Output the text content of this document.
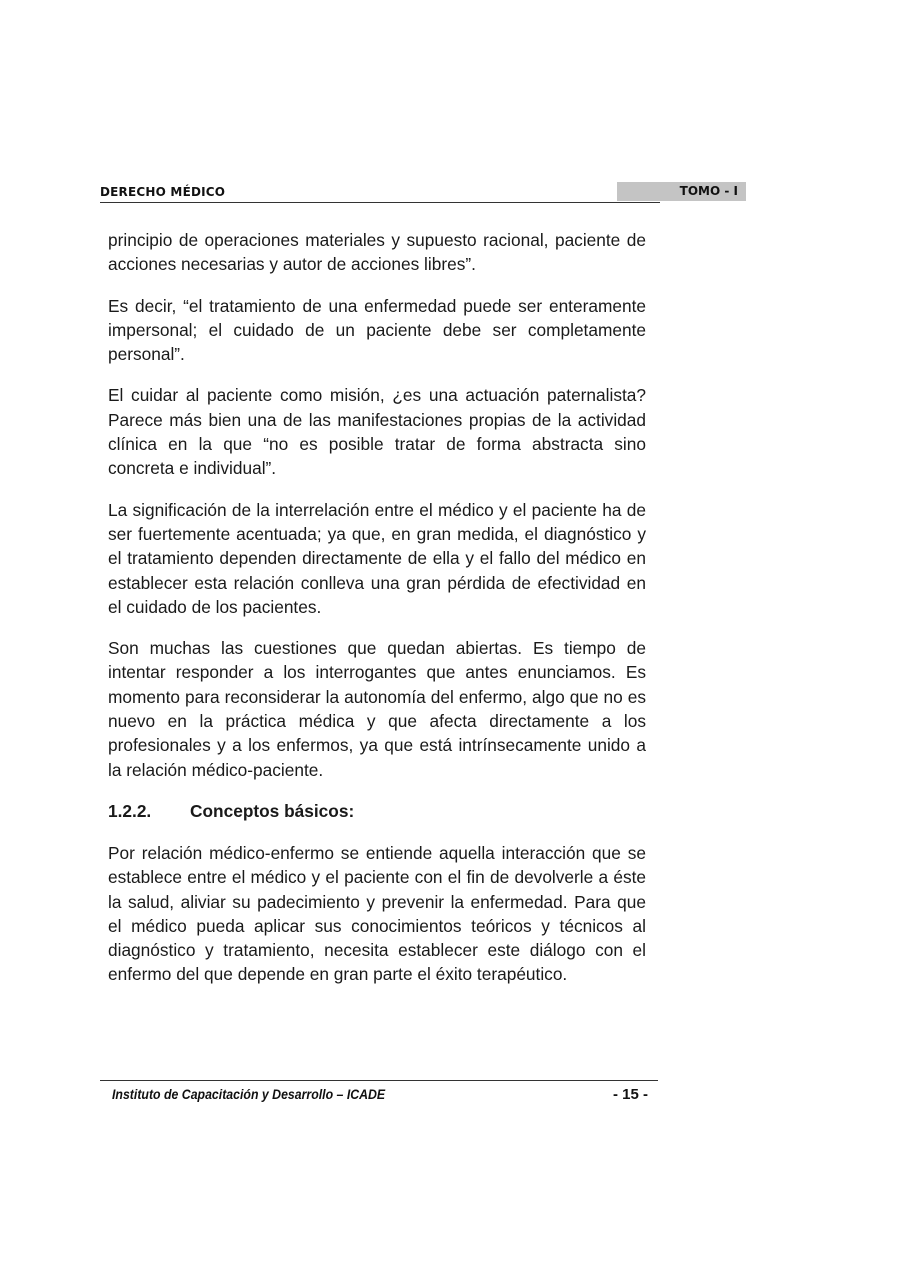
DERECHO MÉDICO	TOMO - I

principio de operaciones materiales y supuesto racional, paciente de acciones necesarias y autor de acciones libres”.

Es decir, “el tratamiento de una enfermedad puede ser enteramente impersonal; el cuidado de un paciente debe ser completamente personal”.

El cuidar al paciente como misión, ¿es una actuación paternalista? Parece más bien una de las manifestaciones propias de la actividad clínica en la que “no es posible tratar de forma abstracta sino concreta e individual”.

La significación de la interrelación entre el médico y el paciente ha de ser fuertemente acentuada; ya que, en gran medida, el diagnóstico y el tratamiento dependen directamente de ella y el fallo del médico en establecer esta relación conlleva una gran pérdida de efectividad en el cuidado de los pacientes.

Son muchas las cuestiones que quedan abiertas. Es tiempo de intentar responder a los interrogantes que antes enunciamos. Es momento para reconsiderar la autonomía del enfermo, algo que no es nuevo en la práctica médica y que afecta directamente a los profesionales y a los enfermos, ya que está intrínsecamente unido a la relación médico-paciente.

1.2.2. Conceptos básicos:

Por relación médico-enfermo se entiende aquella interacción que se establece entre el médico y el paciente con el fin de devolverle a éste la salud, aliviar su padecimiento y prevenir la enfermedad. Para que el médico pueda aplicar sus conocimientos teóricos y técnicos al diagnóstico y tratamiento, necesita establecer este diálogo con el enfermo del que depende en gran parte el éxito terapéutico.

Instituto de Capacitación y Desarrollo – ICADE	- 15 -
